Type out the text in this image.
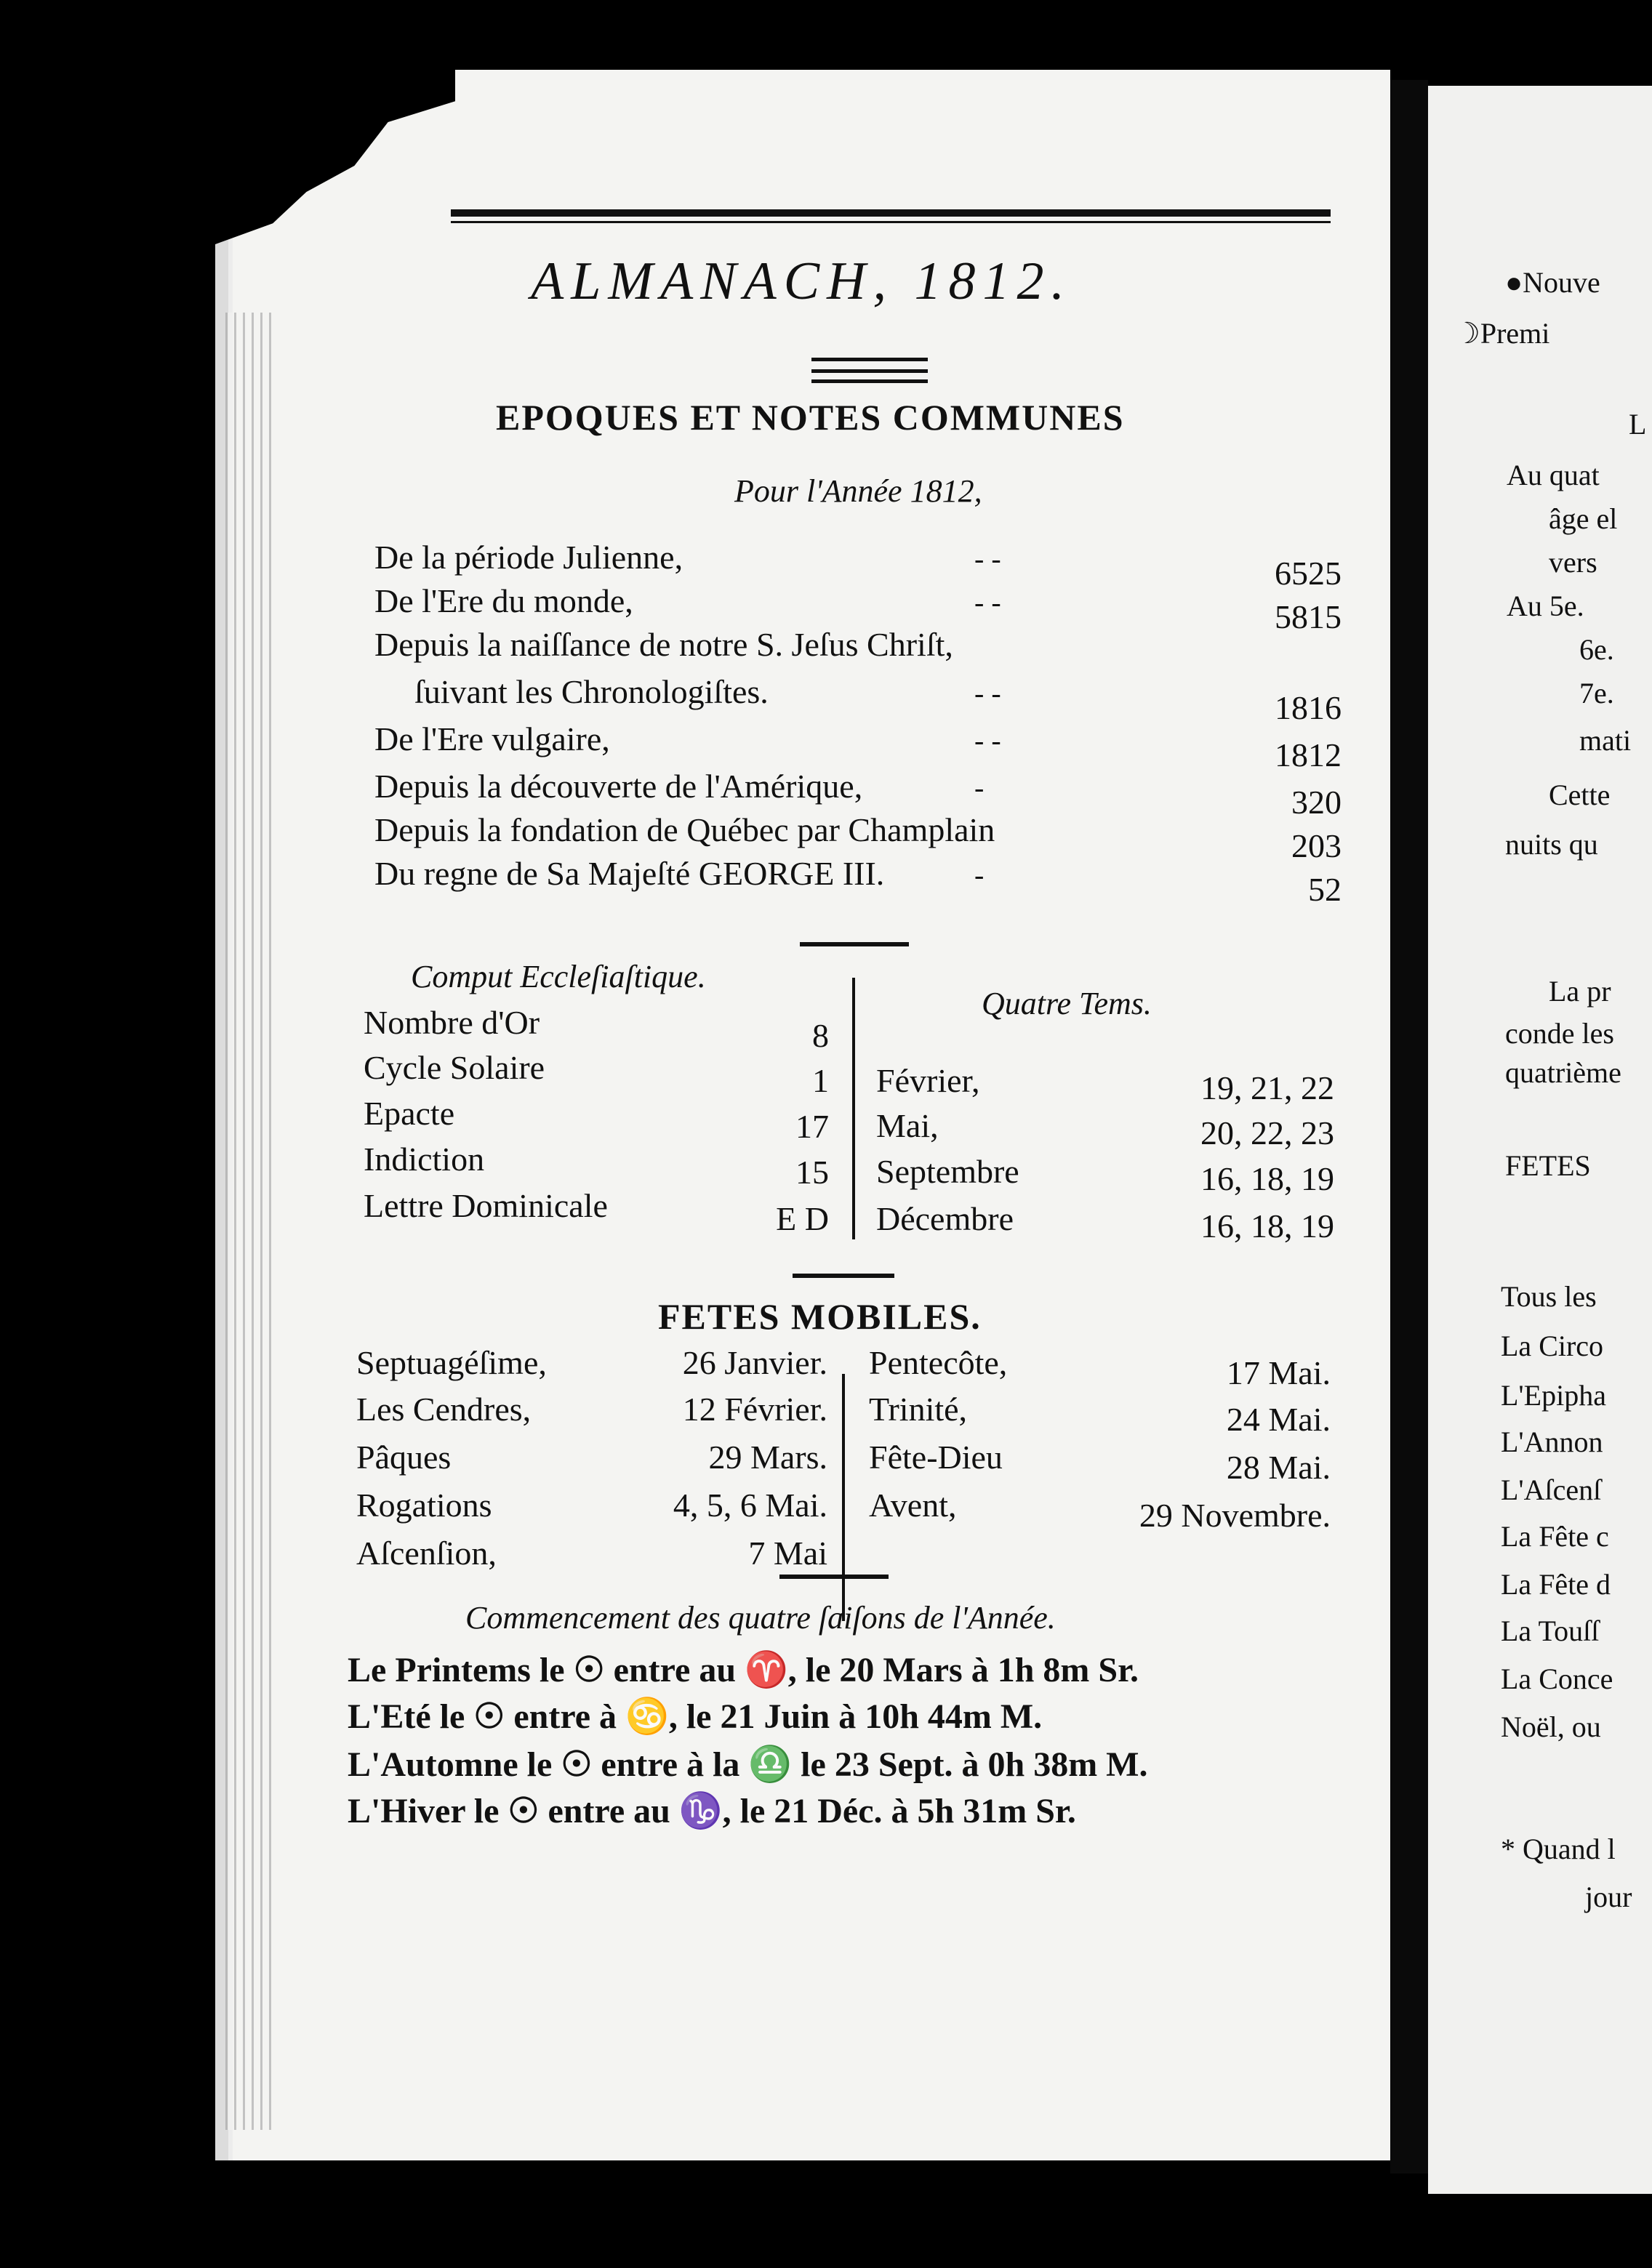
ALMANACH, 1812.
EPOQUES ET NOTES COMMUNES
Pour l'Année 1812,
Comput Eccleſiaſtique.
Quatre Tems.
FETES MOBILES.
Commencement des quatre ſaiſons de l'Année.
De la période Julienne,	- -	6525
De l'Ere du monde,	- -	5815
Depuis la naiſſance de notre S. Jeſus Chriſt,
ſuivant les Chronologiſtes.	- -	1816
De l'Ere vulgaire,	- -	1812
Depuis la découverte de l'Amérique,	-	320
Depuis la fondation de Québec par Champlain	203
Du regne de Sa Majeſté GEORGE III.	-	52
Nombre d'Or	8
Cycle Solaire	1
Epacte	17
Indiction	15
Lettre Dominicale	E D
Février,	19, 21, 22
Mai,	20, 22, 23
Septembre	16, 18, 19
Décembre	16, 18, 19
Septuagéſime,	26 Janvier.
Les Cendres,	12 Février.
Pâques	29 Mars.
Rogations	4, 5, 6 Mai.
Aſcenſion,	7 Mai
Pentecôte,	17 Mai.
Trinité,	24 Mai.
Fête-Dieu	28 Mai.
Avent,	29 Novembre.
Le Printems le ☉ entre au ♈, le 20 Mars à 1h 8m Sr.
L'Eté le ☉ entre à ♋, le 21 Juin à 10h 44m M.
L'Automne le ☉ entre à la ♎ le 23 Sept. à 0h 38m M.
L'Hiver le ☉ entre au ♑, le 21 Déc. à 5h 31m Sr.
●Nouve
☽Premi
L
Au quat
âge el
vers
Au 5e.
6e.
7e.
mati
Cette
nuits qu
La pr
conde les
quatrième
FETES
Tous les
La Circo
L'Epipha
L'Annon
L'Aſcenſ
La Fête c
La Fête d
La Touſſ
La Conce
Noël, ou
* Quand l
jour
